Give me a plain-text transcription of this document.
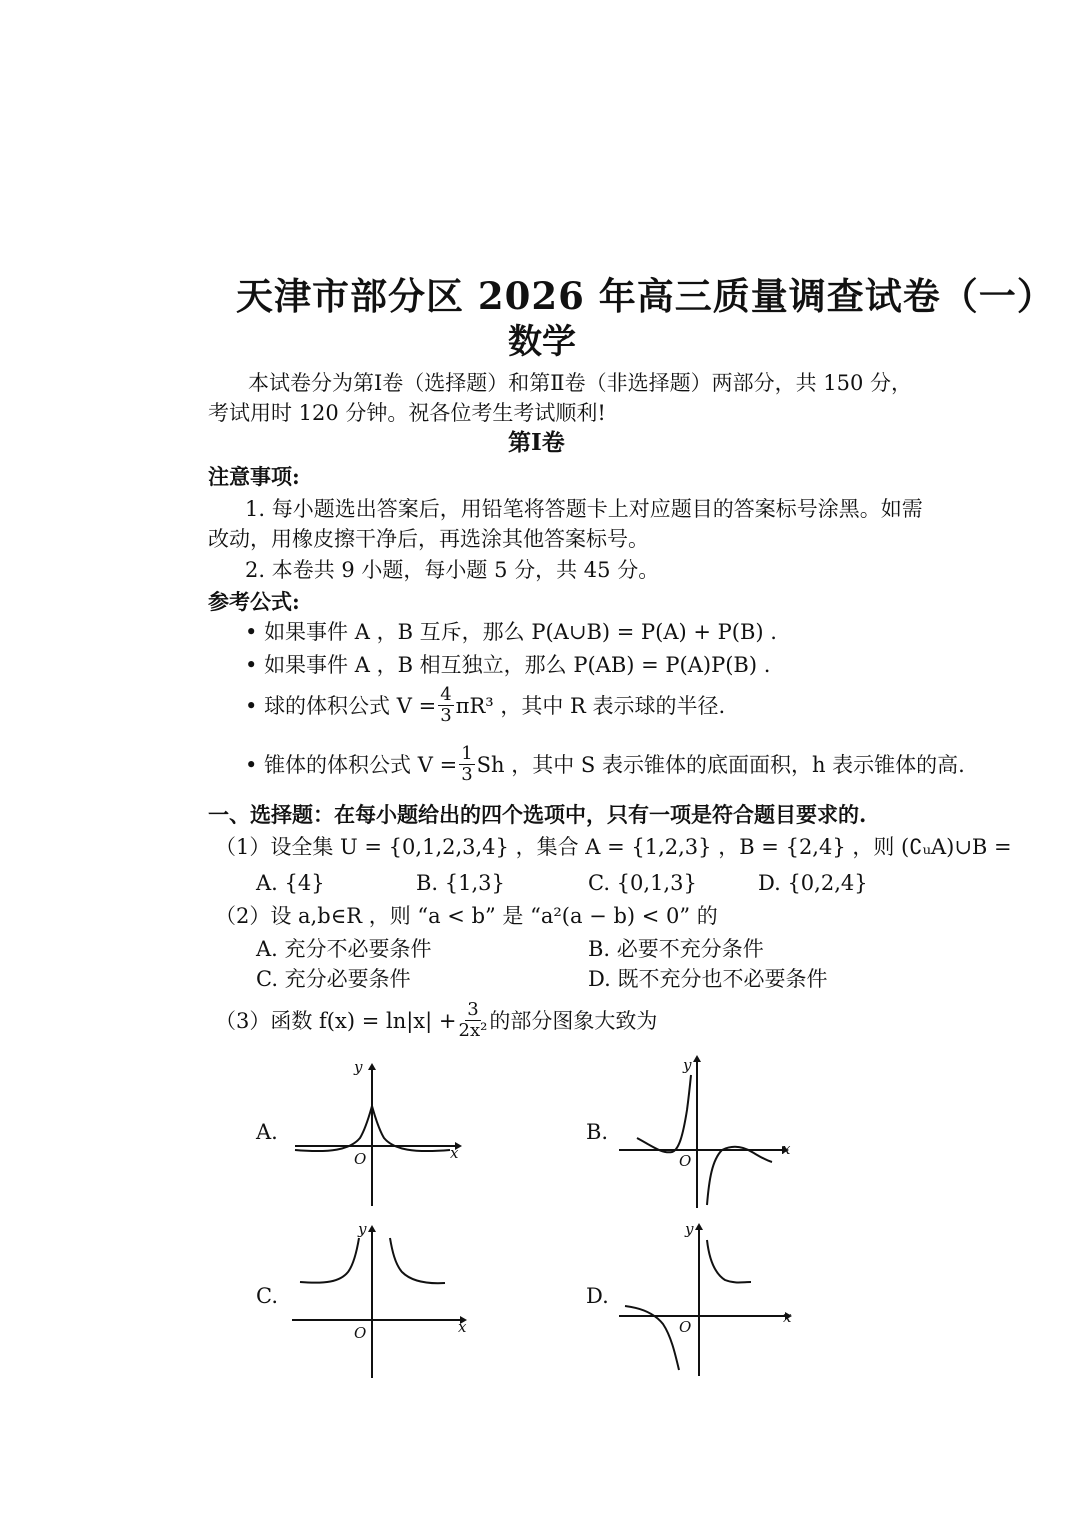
天津市部分区 2026 年高三质量调查试卷（一）
数学
本试卷分为第Ⅰ卷（选择题）和第Ⅱ卷（非选择题）两部分，共 150 分，
考试用时 120 分钟。祝各位考生考试顺利!
第Ⅰ卷
注意事项:
1. 每小题选出答案后，用铅笔将答题卡上对应题目的答案标号涂黑。如需
改动，用橡皮擦干净后，再选涂其他答案标号。
2. 本卷共 9 小题，每小题 5 分，共 45 分。
参考公式:
• 如果事件 A ，B 互斥，那么 P(A∪B) = P(A) + P(B) .
• 如果事件 A ，B 相互独立，那么 P(AB) = P(A)P(B) .
• 球的体积公式 $V = \frac{4}{3} \pi R^3$ ，其中 R 表示球的半径.
• 锥体的体积公式 $V = \frac{1}{3}$ Sh ，其中 S 表示锥体的底面面积，h 表示锥体的高.
一、选择题：在每小题给出的四个选项中，只有一项是符合题目要求的.
（1）设全集 U = {0,1,2,3,4} ，集合 A = {1,2,3} ，B = {2,4} ，则 (∁ᵤA)∪B =
A. {4}	B. {1,3}	C. {0,1,3}	D. {0,2,4}
（2）设 a,b∈R ，则 “a < b” 是 “a²(a − b) < 0” 的
A. 充分不必要条件	B. 必要不充分条件
C. 充分必要条件	D. 既不充分也不必要条件
（3）函数 $f(x) = \ln|x| + \frac{3}{\text{2x²}}$ 的部分图象大致为
A.	B.
C.	D.
x
y
O
x
y
O
x
y
O
x
y
O
